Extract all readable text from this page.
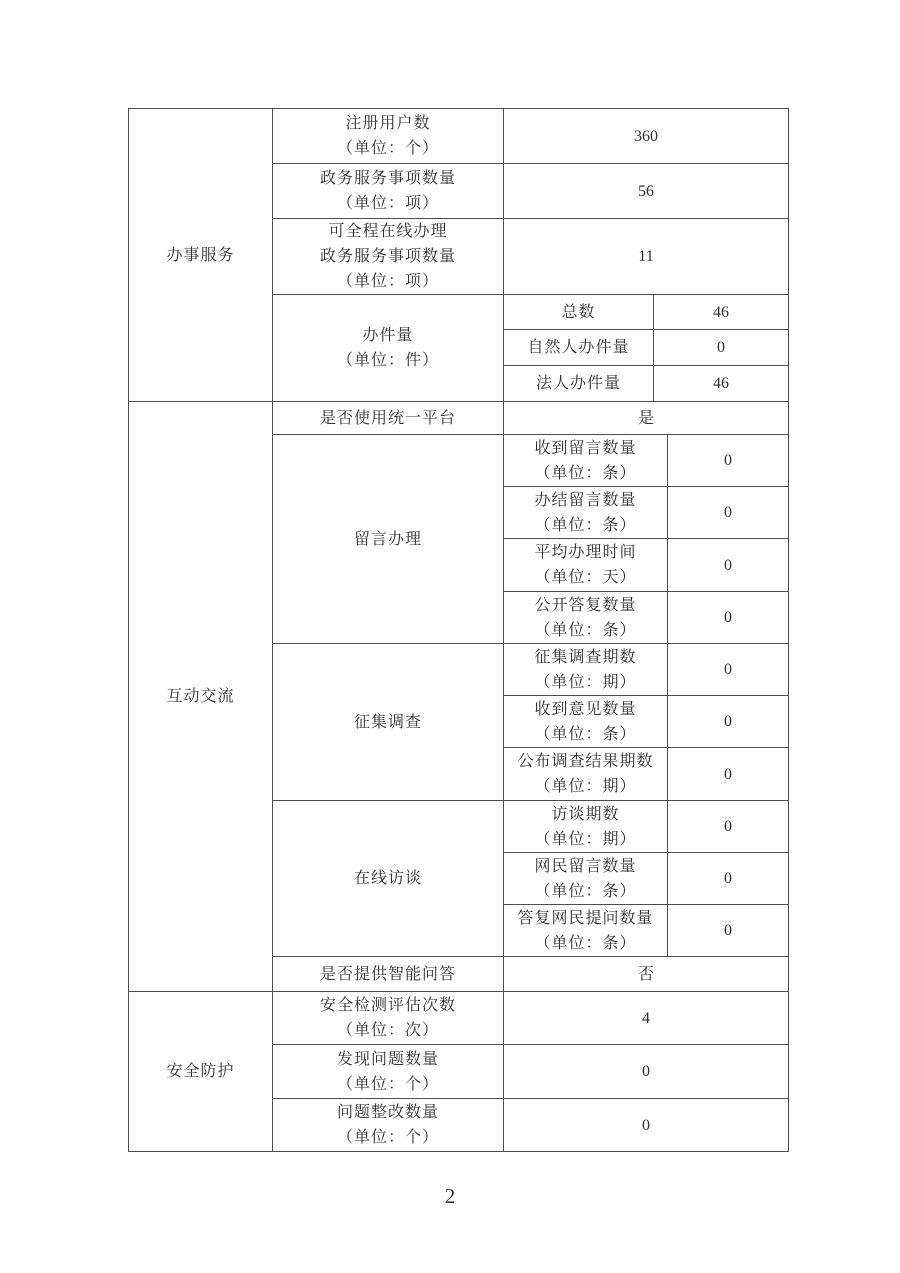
办事服务	注册用户数
（单位：个）	360		

	政务服务事项数量
（单位：项）	56		

	可全程在线办理
政务服务事项数量
（单位：项）	11		

	办件量
（单位：件）	总数	46	

		自然人办件量	0	

		法人办件量	46	
互动交流	是否使用统一平台	是		

	留言办理	收到留言数量
（单位：条）		0

		办结留言数量
（单位：条）		0

		平均办理时间
（单位：天）		0

		公开答复数量
（单位：条）		0

	征集调查	征集调查期数
（单位：期）		0

		收到意见数量
（单位：条）		0

		公布调查结果期数
（单位：期）		0

	在线访谈	访谈期数
（单位：期）		0

		网民留言数量
（单位：条）		0

		答复网民提问数量
（单位：条）		0

	是否提供智能问答	否		
安全防护	安全检测评估次数
（单位：次）	4		

	发现问题数量
（单位：个）	0		

	问题整改数量
（单位：个）	0		
2
